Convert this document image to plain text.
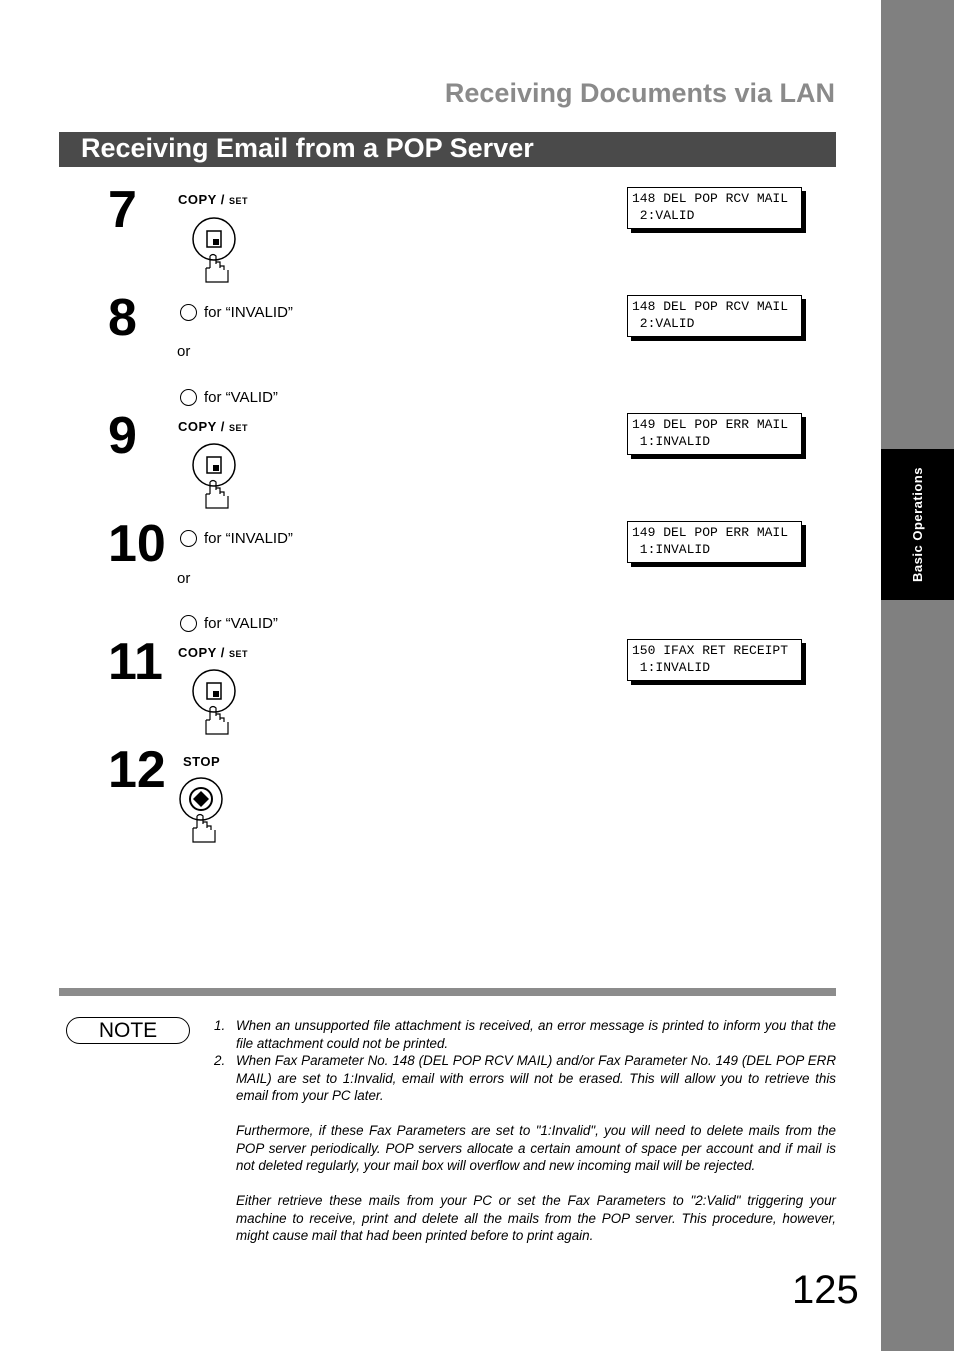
Basic Operations
Receiving Documents via LAN
Receiving Email from a POP Server
7	COPY / SET	148 DEL POP RCV MAIL
2:VALID
8	for “INVALID”
or
for “VALID”
148 DEL POP RCV MAIL
2:VALID
9	COPY / SET	149 DEL POP ERR MAIL
1:INVALID
10	for “INVALID”
or
for “VALID”
149 DEL POP ERR MAIL
1:INVALID
11 COPY / SET	150 IFAX RET RECEIPT
1:INVALID
12 STOP
NOTE	1. When an unsupported file attachment is received, an error message is printed to inform you that the file attachment could not be printed.
2. When Fax Parameter No. 148 (DEL POP RCV MAIL) and/or Fax Parameter No. 149 (DEL POP ERR MAIL) are set to 1:Invalid, email with errors will not be erased. This will allow you to retrieve this email from your PC later.
Furthermore, if these Fax Parameters are set to "1:Invalid", you will need to delete mails from the POP server periodically. POP servers allocate a certain amount of space per account and if mail is not deleted regularly, your mail box will overflow and new incoming mail will be rejected.
Either retrieve these mails from your PC or set the Fax Parameters to "2:Valid" triggering your machine to receive, print and delete all the mails from the POP server. This procedure, however, might cause mail that had been printed before to print again.
125
